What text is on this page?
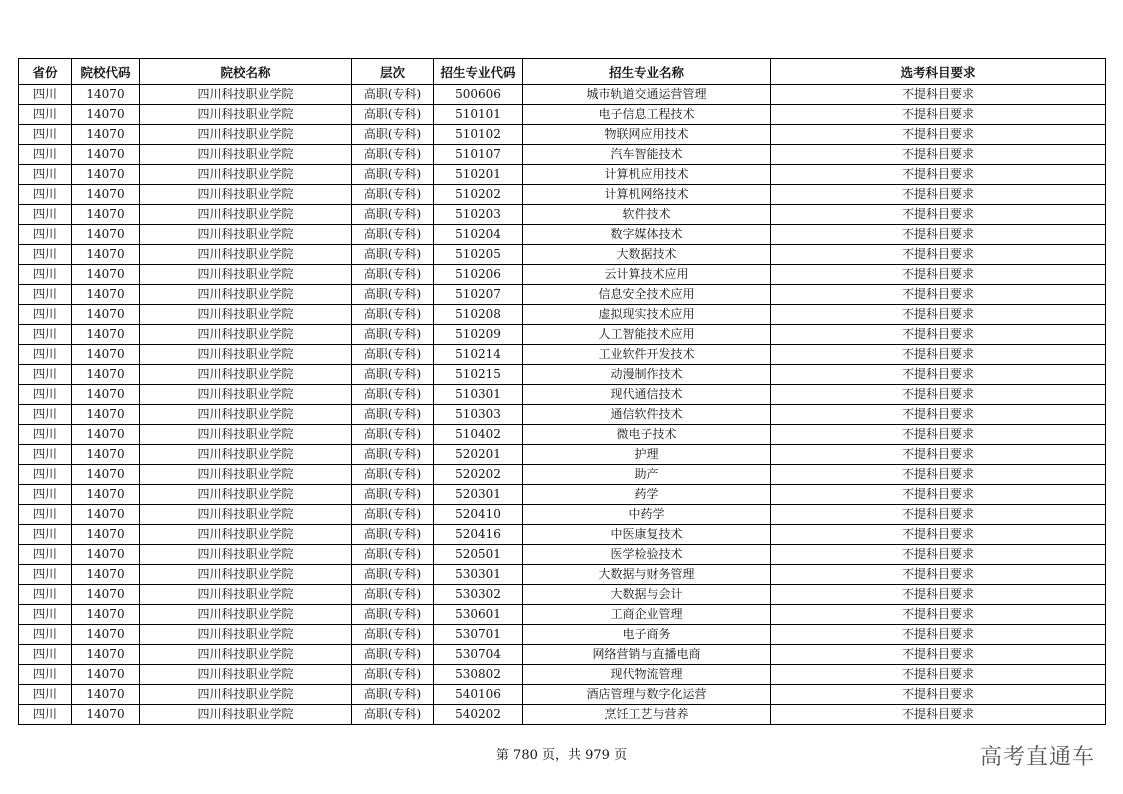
省份	院校代码	院校名称	层次	招生专业代码	招生专业名称	选考科目要求
四川	14070	四川科技职业学院	高职(专科)	500606	城市轨道交通运营管理	不提科目要求
四川	14070	四川科技职业学院	高职(专科)	510101	电子信息工程技术	不提科目要求
四川	14070	四川科技职业学院	高职(专科)	510102	物联网应用技术	不提科目要求
四川	14070	四川科技职业学院	高职(专科)	510107	汽车智能技术	不提科目要求
四川	14070	四川科技职业学院	高职(专科)	510201	计算机应用技术	不提科目要求
四川	14070	四川科技职业学院	高职(专科)	510202	计算机网络技术	不提科目要求
四川	14070	四川科技职业学院	高职(专科)	510203	软件技术	不提科目要求
四川	14070	四川科技职业学院	高职(专科)	510204	数字媒体技术	不提科目要求
四川	14070	四川科技职业学院	高职(专科)	510205	大数据技术	不提科目要求
四川	14070	四川科技职业学院	高职(专科)	510206	云计算技术应用	不提科目要求
四川	14070	四川科技职业学院	高职(专科)	510207	信息安全技术应用	不提科目要求
四川	14070	四川科技职业学院	高职(专科)	510208	虚拟现实技术应用	不提科目要求
四川	14070	四川科技职业学院	高职(专科)	510209	人工智能技术应用	不提科目要求
四川	14070	四川科技职业学院	高职(专科)	510214	工业软件开发技术	不提科目要求
四川	14070	四川科技职业学院	高职(专科)	510215	动漫制作技术	不提科目要求
四川	14070	四川科技职业学院	高职(专科)	510301	现代通信技术	不提科目要求
四川	14070	四川科技职业学院	高职(专科)	510303	通信软件技术	不提科目要求
四川	14070	四川科技职业学院	高职(专科)	510402	微电子技术	不提科目要求
四川	14070	四川科技职业学院	高职(专科)	520201	护理	不提科目要求
四川	14070	四川科技职业学院	高职(专科)	520202	助产	不提科目要求
四川	14070	四川科技职业学院	高职(专科)	520301	药学	不提科目要求
四川	14070	四川科技职业学院	高职(专科)	520410	中药学	不提科目要求
四川	14070	四川科技职业学院	高职(专科)	520416	中医康复技术	不提科目要求
四川	14070	四川科技职业学院	高职(专科)	520501	医学检验技术	不提科目要求
四川	14070	四川科技职业学院	高职(专科)	530301	大数据与财务管理	不提科目要求
四川	14070	四川科技职业学院	高职(专科)	530302	大数据与会计	不提科目要求
四川	14070	四川科技职业学院	高职(专科)	530601	工商企业管理	不提科目要求
四川	14070	四川科技职业学院	高职(专科)	530701	电子商务	不提科目要求
四川	14070	四川科技职业学院	高职(专科)	530704	网络营销与直播电商	不提科目要求
四川	14070	四川科技职业学院	高职(专科)	530802	现代物流管理	不提科目要求
四川	14070	四川科技职业学院	高职(专科)	540106	酒店管理与数字化运营	不提科目要求
四川	14070	四川科技职业学院	高职(专科)	540202	烹饪工艺与营养	不提科目要求
第 780 页，共 979 页	高考直通车
